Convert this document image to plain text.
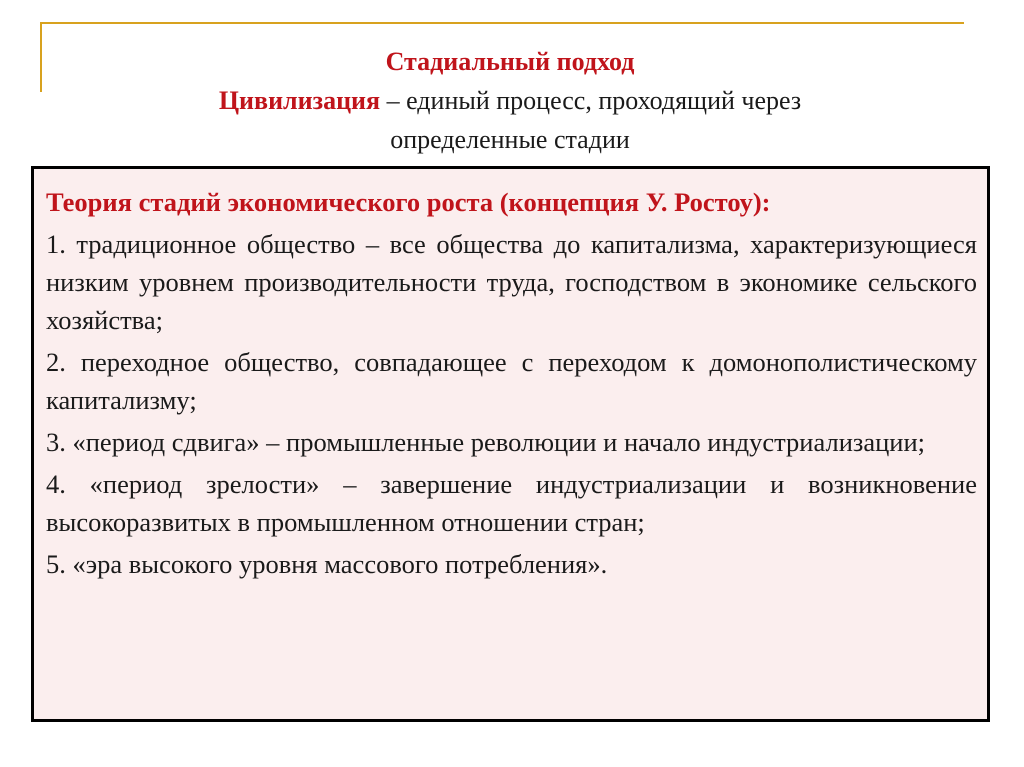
Стадиальный подход
Цивилизация – единый процесс, проходящий через
определенные стадии

Теория стадий экономического роста (концепция У. Ростоу):

1. традиционное общество – все общества до капитализма, характеризующиеся низким уровнем производительности труда, господством в экономике сельского хозяйства;

2. переходное общество, совпадающее с переходом к домонополистическому капитализму;

3. «период сдвига» – промышленные революции и начало индустриализации;

4. «период зрелости» – завершение индустриализации и возникновение высокоразвитых в промышленном отношении стран;

5. «эра высокого уровня массового потребления».
